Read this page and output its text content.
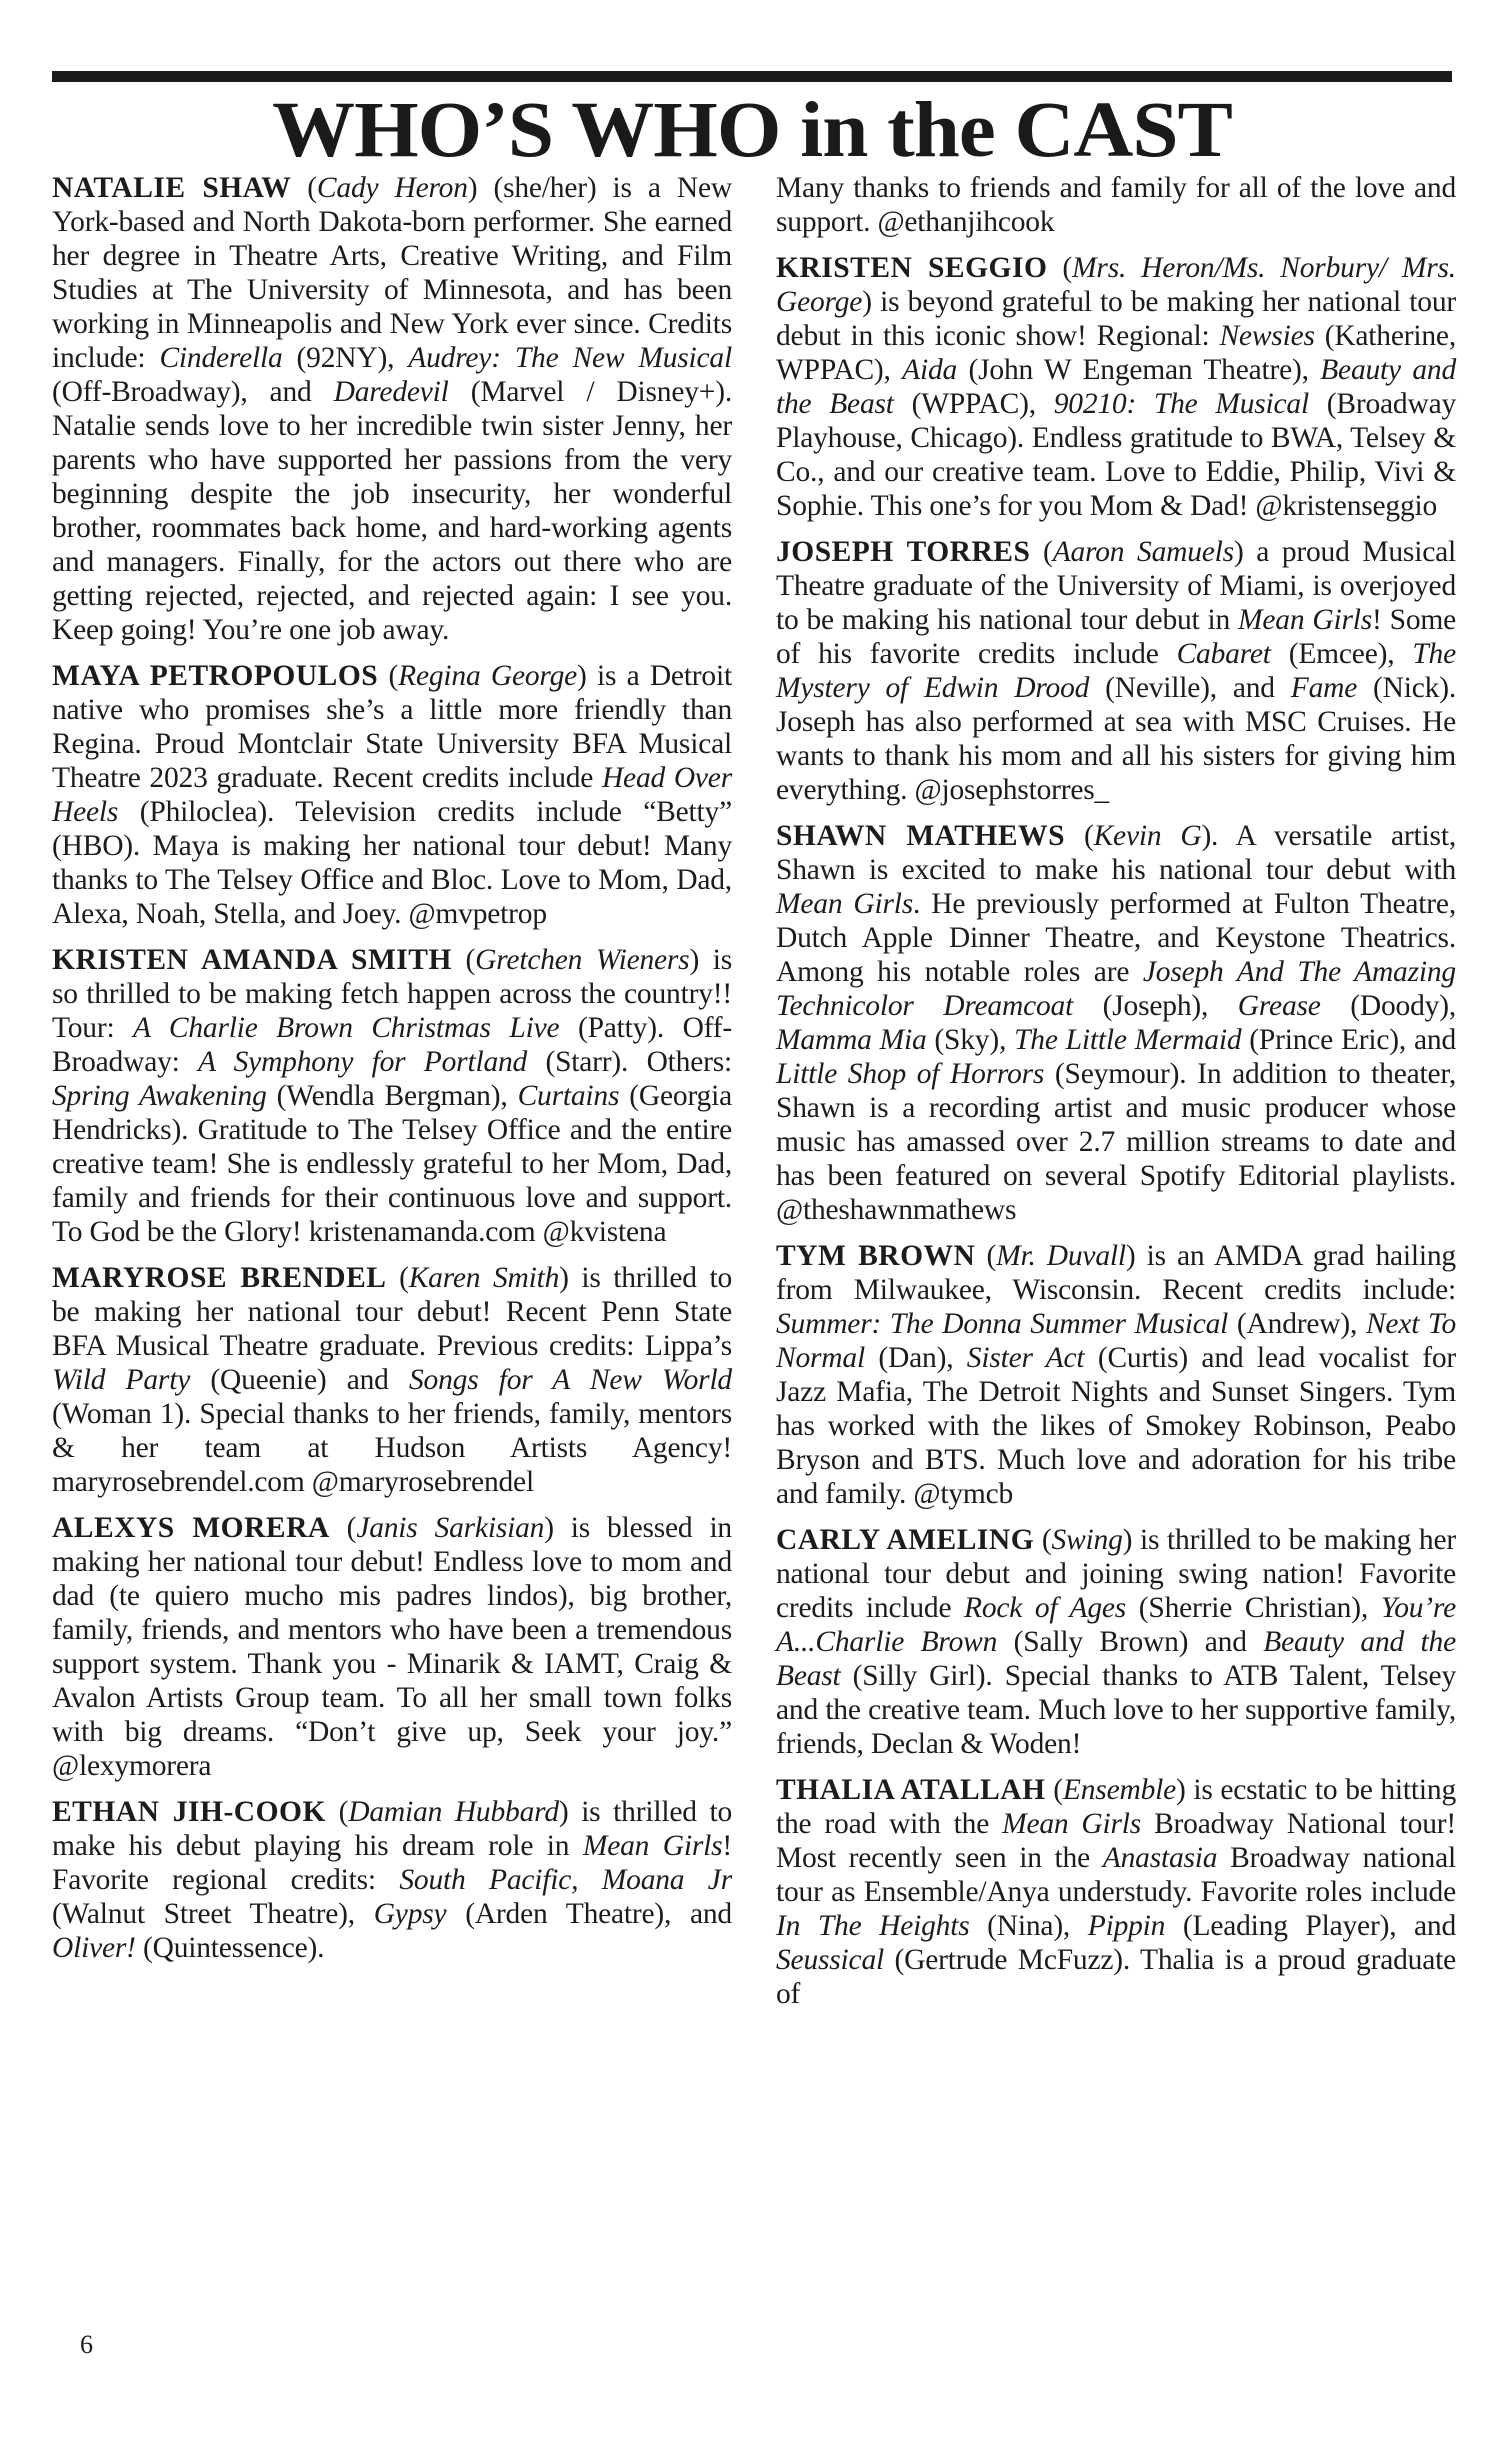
WHO’S WHO in the CAST

NATALIE SHAW (Cady Heron) (she/her) is a New York-based and North Dakota-born performer. She earned her degree in Theatre Arts, Creative Writing, and Film Studies at The University of Minnesota, and has been working in Minneapolis and New York ever since. Credits include: Cinderella (92NY), Audrey: The New Musical (Off-Broadway), and Daredevil (Marvel / Disney+). Natalie sends love to her incredible twin sister Jenny, her parents who have supported her passions from the very beginning despite the job insecurity, her wonderful brother, roommates back home, and hard-working agents and managers. Finally, for the actors out there who are getting rejected, rejected, and rejected again: I see you. Keep going! You’re one job away.

MAYA PETROPOULOS (Regina George) is a Detroit native who promises she’s a little more friendly than Regina. Proud Montclair State University BFA Musical Theatre 2023 graduate. Recent credits include Head Over Heels (Philoclea). Television credits include “Betty” (HBO). Maya is making her national tour debut! Many thanks to The Telsey Office and Bloc. Love to Mom, Dad, Alexa, Noah, Stella, and Joey. @mvpetrop

KRISTEN AMANDA SMITH (Gretchen Wieners) is so thrilled to be making fetch happen across the country!! Tour: A Charlie Brown Christmas Live (Patty). Off-Broadway: A Symphony for Portland (Starr). Others: Spring Awakening (Wendla Bergman), Curtains (Georgia Hendricks). Gratitude to The Telsey Office and the entire creative team! She is endlessly grateful to her Mom, Dad, family and friends for their continuous love and support. To God be the Glory! kristenamanda.com @kvistena

MARYROSE BRENDEL (Karen Smith) is thrilled to be making her national tour debut! Recent Penn State BFA Musical Theatre graduate. Previous credits: Lippa’s Wild Party (Queenie) and Songs for A New World (Woman 1). Special thanks to her friends, family, mentors & her team at Hudson Artists Agency! maryrosebrendel.com @maryrosebrendel

ALEXYS MORERA (Janis Sarkisian) is blessed in making her national tour debut! Endless love to mom and dad (te quiero mucho mis padres lindos), big brother, family, friends, and mentors who have been a tremendous support system. Thank you - Minarik & IAMT, Craig & Avalon Artists Group team. To all her small town folks with big dreams. “Don’t give up, Seek your joy.” @lexymorera

ETHAN JIH-COOK (Damian Hubbard) is thrilled to make his debut playing his dream role in Mean Girls! Favorite regional credits: South Pacific, Moana Jr (Walnut Street Theatre), Gypsy (Arden Theatre), and Oliver! (Quintessence).

Many thanks to friends and family for all of the love and support. @ethanjihcook

KRISTEN SEGGIO (Mrs. Heron/Ms. Norbury/ Mrs. George) is beyond grateful to be making her national tour debut in this iconic show! Regional: Newsies (Katherine, WPPAC), Aida (John W Engeman Theatre), Beauty and the Beast (WPPAC), 90210: The Musical (Broadway Playhouse, Chicago). Endless gratitude to BWA, Telsey & Co., and our creative team. Love to Eddie, Philip, Vivi & Sophie. This one’s for you Mom & Dad! @kristenseggio

JOSEPH TORRES (Aaron Samuels) a proud Musical Theatre graduate of the University of Miami, is overjoyed to be making his national tour debut in Mean Girls! Some of his favorite credits include Cabaret (Emcee), The Mystery of Edwin Drood (Neville), and Fame (Nick). Joseph has also performed at sea with MSC Cruises. He wants to thank his mom and all his sisters for giving him everything. @josephstorres_

SHAWN MATHEWS (Kevin G). A versatile artist, Shawn is excited to make his national tour debut with Mean Girls. He previously performed at Fulton Theatre, Dutch Apple Dinner Theatre, and Keystone Theatrics. Among his notable roles are Joseph And The Amazing Technicolor Dreamcoat (Joseph), Grease (Doody), Mamma Mia (Sky), The Little Mermaid (Prince Eric), and Little Shop of Horrors (Seymour). In addition to theater, Shawn is a recording artist and music producer whose music has amassed over 2.7 million streams to date and has been featured on several Spotify Editorial playlists. @theshawnmathews

TYM BROWN (Mr. Duvall) is an AMDA grad hailing from Milwaukee, Wisconsin. Recent credits include: Summer: The Donna Summer Musical (Andrew), Next To Normal (Dan), Sister Act (Curtis) and lead vocalist for Jazz Mafia, The Detroit Nights and Sunset Singers. Tym has worked with the likes of Smokey Robinson, Peabo Bryson and BTS. Much love and adoration for his tribe and family. @tymcb

CARLY AMELING (Swing) is thrilled to be making her national tour debut and joining swing nation! Favorite credits include Rock of Ages (Sherrie Christian), You’re A...Charlie Brown (Sally Brown) and Beauty and the Beast (Silly Girl). Special thanks to ATB Talent, Telsey and the creative team. Much love to her supportive family, friends, Declan & Woden!

THALIA ATALLAH (Ensemble) is ecstatic to be hitting the road with the Mean Girls Broadway National tour! Most recently seen in the Anastasia Broadway national tour as Ensemble/Anya understudy. Favorite roles include In The Heights (Nina), Pippin (Leading Player), and Seussical (Gertrude McFuzz). Thalia is a proud graduate of

6
